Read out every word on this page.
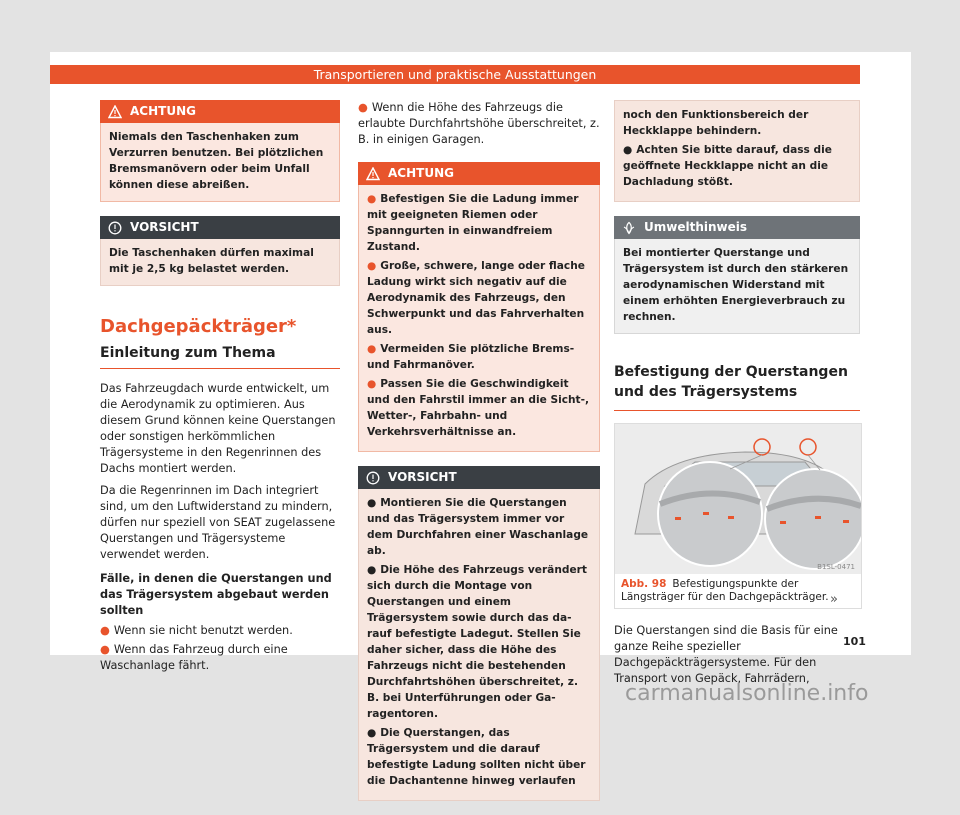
Transportieren und praktische Ausstattungen
ACHTUNG
Niemals den Taschenhaken zum Verzurren benutzen. Bei plötzlichen Bremsmanövern oder beim Unfall können diese abreißen.
VORSICHT
Die Taschenhaken dürfen maximal mit je 2,5 kg belastet werden.
Dachgepäckträger*
Einleitung zum Thema

Das Fahrzeugdach wurde entwickelt, um die Aerodynamik zu optimieren. Aus diesem Grund können keine Querstangen oder sonstigen herkömmlichen Trägersysteme in den Regenrinnen des Dachs montiert werden.

Da die Regenrinnen im Dach integriert sind, um den Luftwiderstand zu mindern, dürfen nur speziell von SEAT zugelassene Querstangen und Trägersysteme verwendet werden.

Fälle, in denen die Querstangen und das Trägersystem abgebaut werden sollten

● Wenn sie nicht benutzt werden.

● Wenn das Fahrzeug durch eine Waschanlage fährt.

● Wenn die Höhe des Fahrzeugs die erlaubte Durchfahrtshöhe überschreitet, z. B. in einigen Garagen.

ACHTUNG

● Befestigen Sie die Ladung immer mit geeigneten Riemen oder Spanngurten in einwandfreiem Zustand.

● Große, schwere, lange oder flache Ladung wirkt sich negativ auf die Aerodynamik des Fahrzeugs, den Schwerpunkt und das Fahrverhalten aus.

● Vermeiden Sie plötzliche Brems- und Fahrmanöver.

● Passen Sie die Geschwindigkeit und den Fahrstil immer an die Sicht-, Wetter-, Fahrbahn- und Verkehrsverhältnisse an.

VORSICHT

● Montieren Sie die Querstangen und das Trägersystem immer vor dem Durchfahren einer Waschanlage ab.

● Die Höhe des Fahrzeugs verändert sich durch die Montage von Querstangen und einem Trägersystem sowie durch das darauf befestigte Ladegut. Stellen Sie daher sicher, dass die Höhe des Fahrzeugs nicht die bestehenden Durchfahrtshöhen überschreitet, z. B. bei Unterführungen oder Garagentoren.

● Die Querstangen, das Trägersystem und die darauf befestigte Ladung sollten nicht über die Dachantenne hinweg verlaufen

noch den Funktionsbereich der Heckklappe behindern.

● Achten Sie bitte darauf, dass die geöffnete Heckklappe nicht an die Dachladung stößt.

Umwelthinweis
Bei montierter Querstange und Trägersystem ist durch den stärkeren aerodynamischen Widerstand mit einem erhöhten Energieverbrauch zu rechnen.
Befestigung der Querstangen und des Trägersystems
B1SL-0471
Abb. 98 Befestigungspunkte der Längsträger für den Dachgepäckträger.

Die Querstangen sind die Basis für eine ganze Reihe spezieller Dachgepäckträgersysteme. Für den Transport von Gepäck, Fahrrädern,

»
101
carmanualsonline.info
